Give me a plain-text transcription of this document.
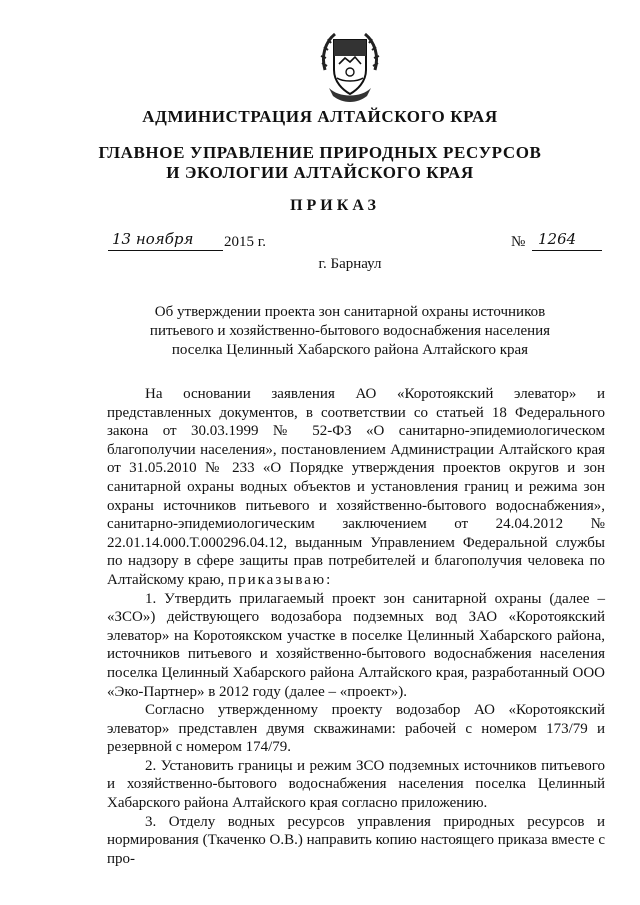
АДМИНИСТРАЦИЯ АЛТАЙСКОГО КРАЯ
ГЛАВНОЕ УПРАВЛЕНИЕ ПРИРОДНЫХ РЕСУРСОВ
И ЭКОЛОГИИ АЛТАЙСКОГО КРАЯ
ПРИКАЗ
13 ноября 2015 г.	№ 1264
г. Барнаул
Об утверждении проекта зон санитарной охраны источников
питьевого и хозяйственно-бытового водоснабжения населения
поселка Целинный Хабарского района Алтайского края

На основании заявления АО «Коротоякский элеватор» и представленных документов, в соответствии со статьей 18 Федерального закона от 30.03.1999 № 52-ФЗ «О санитарно-эпидемиологическом благополучии населения», постановлением Администрации Алтайского края от 31.05.2010 № 233 «О Порядке утверждения проектов округов и зон санитарной охраны водных объектов и установления границ и режима зон охраны источников питьевого и хозяйственно-бытового водоснабжения», санитарно-эпидемиологическим заключением от 24.04.2012 № 22.01.14.000.Т.000296.04.12, выданным Управлением Федеральной службы по надзору в сфере защиты прав потребителей и благополучия человека по Алтайскому краю, приказываю:

1. Утвердить прилагаемый проект зон санитарной охраны (далее – «ЗСО») действующего водозабора подземных вод ЗАО «Коротоякский элеватор» на Коротоякском участке в поселке Целинный Хабарского района, источников питьевого и хозяйственно-бытового водоснабжения населения поселка Целинный Хабарского района Алтайского края, разработанный ООО «Эко-Партнер» в 2012 году (далее – «проект»).

Согласно утвержденному проекту водозабор АО «Коротоякский элеватор» представлен двумя скважинами: рабочей с номером 173/79 и резервной с номером 174/79.

2. Установить границы и режим ЗСО подземных источников питьевого и хозяйственно-бытового водоснабжения населения поселка Целинный Хабарского района Алтайского края согласно приложению.

3. Отделу водных ресурсов управления природных ресурсов и нормирования (Ткаченко О.В.) направить копию настоящего приказа вместе с про-
